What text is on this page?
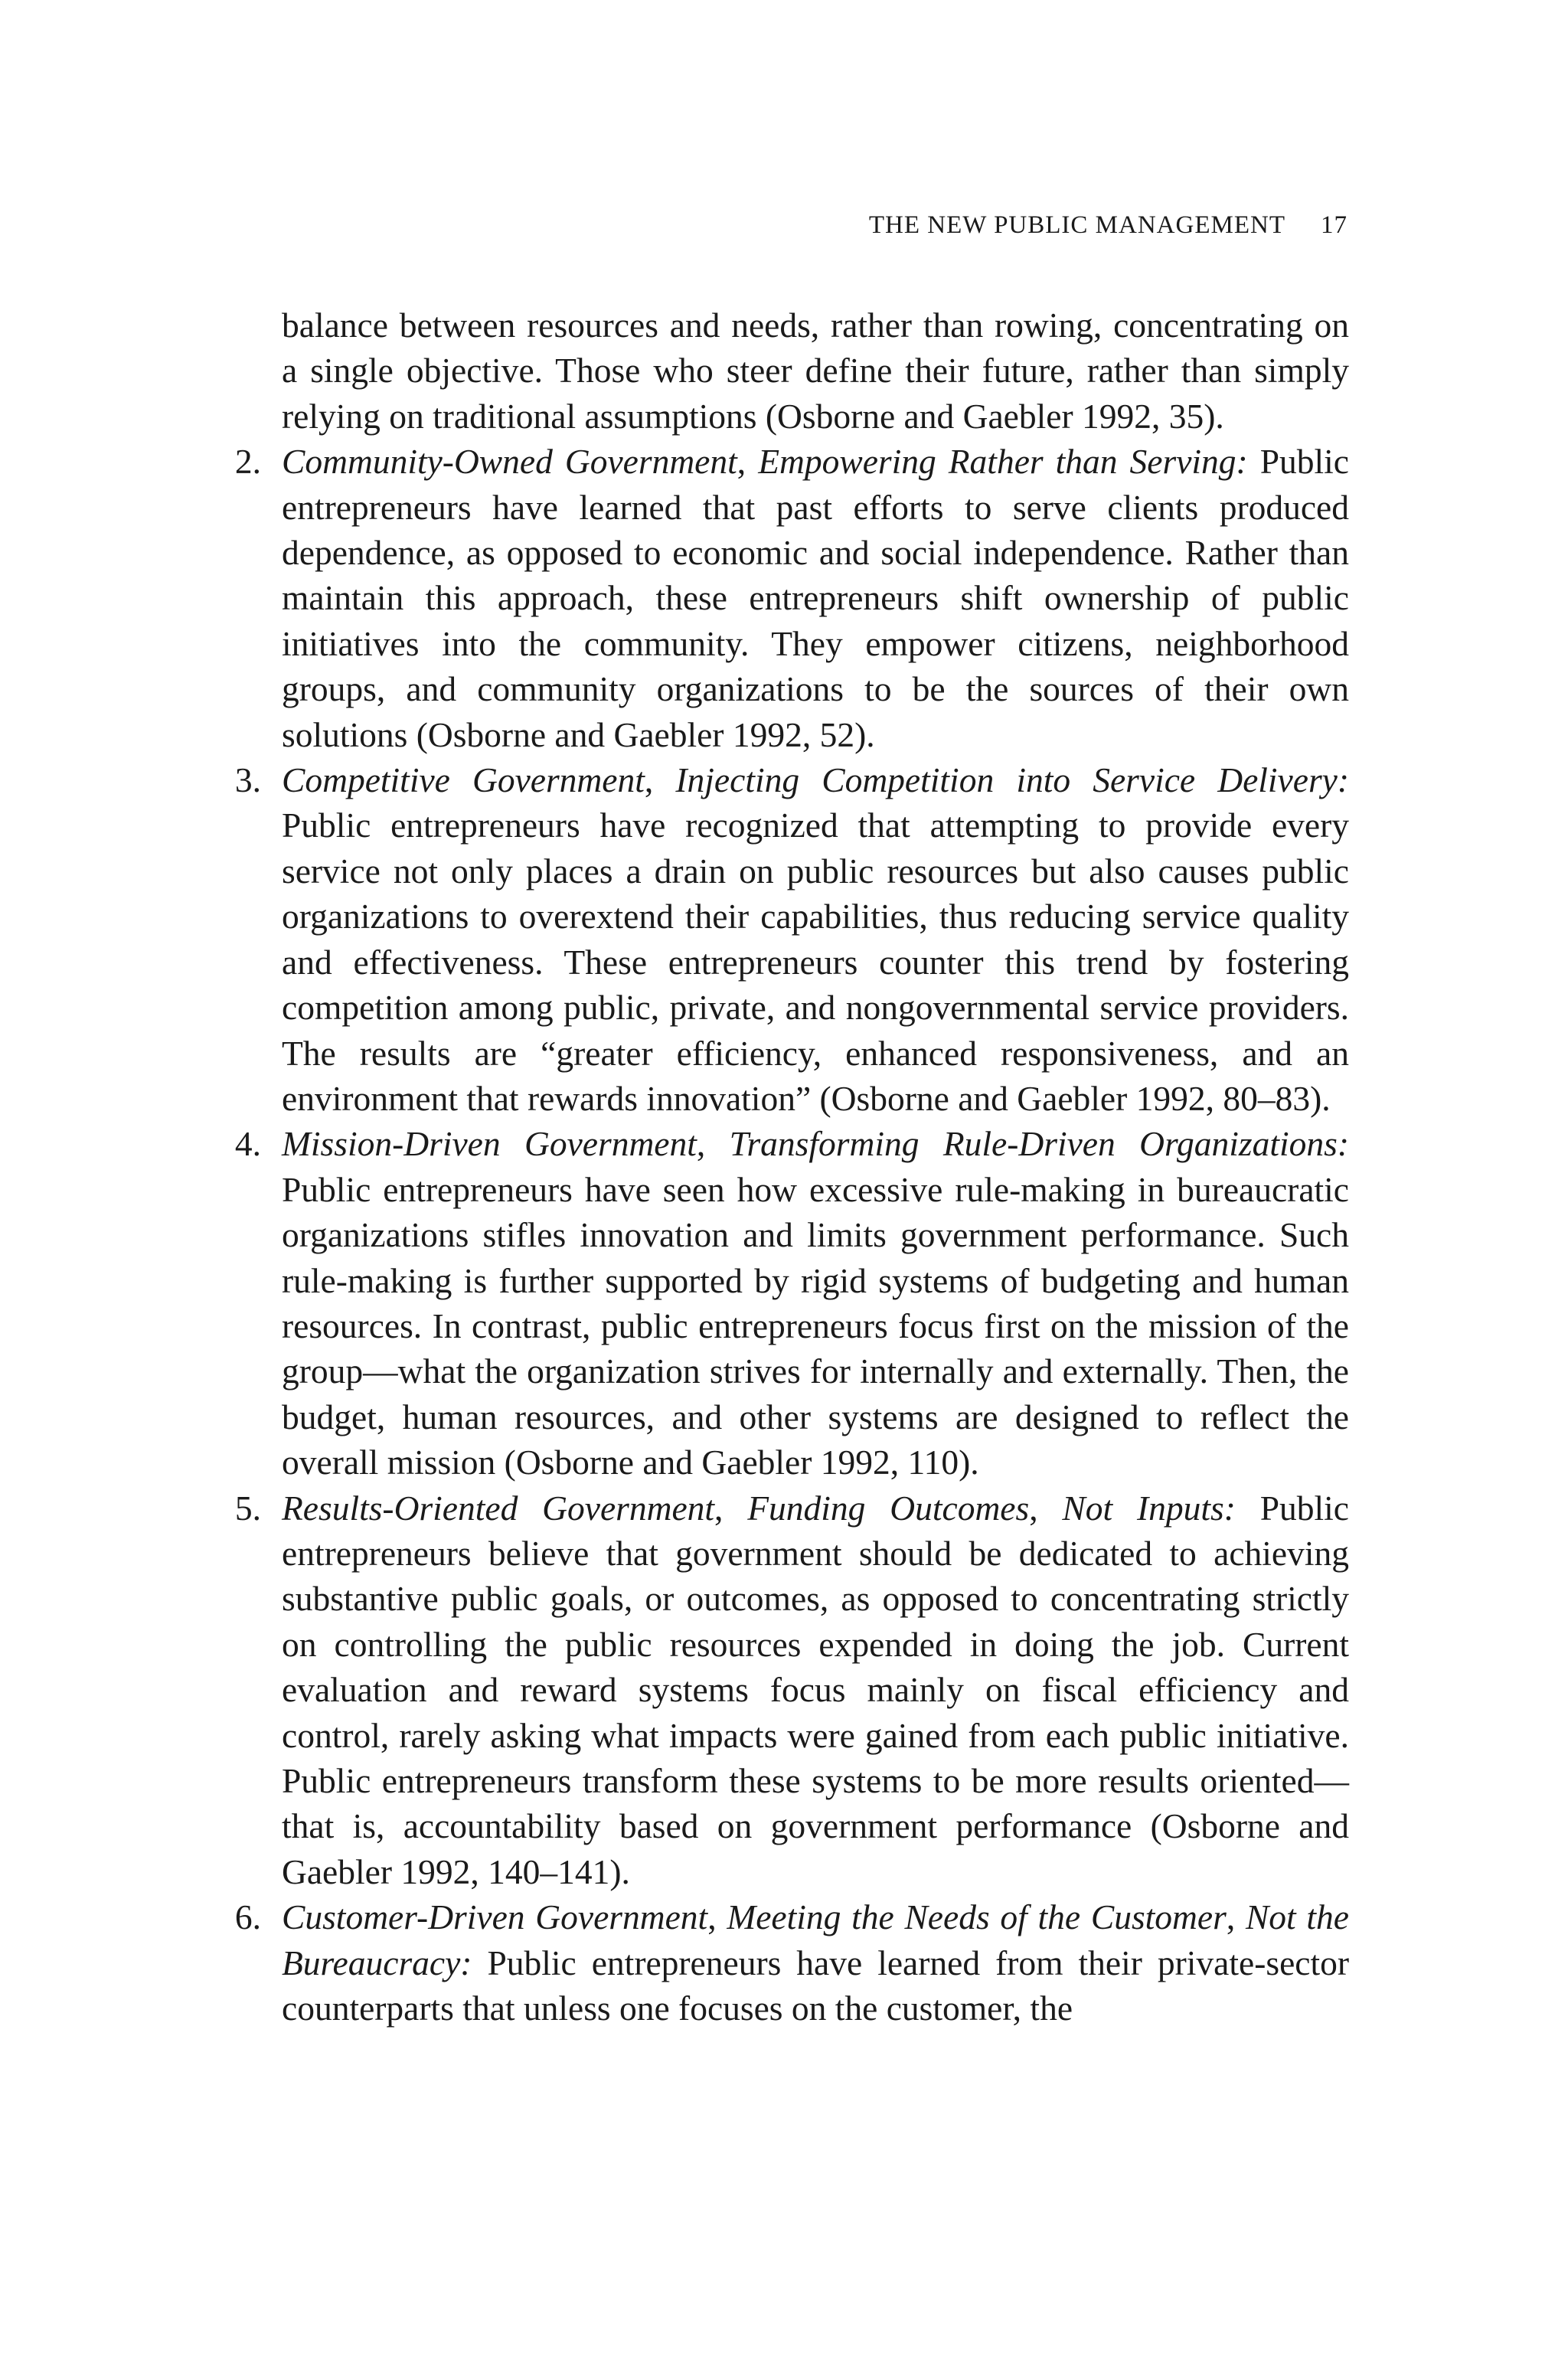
THE NEW PUBLIC MANAGEMENT 17

balance between resources and needs, rather than rowing, concentrating on a single objective. Those who steer define their future, rather than simply relying on traditional assumptions (Osborne and Gaebler 1992, 35).

2. Community-Owned Government, Empowering Rather than Serving: Public entrepreneurs have learned that past efforts to serve clients produced dependence, as opposed to economic and social independence. Rather than maintain this approach, these entrepreneurs shift ownership of public initiatives into the community. They empower citizens, neighborhood groups, and community organizations to be the sources of their own solutions (Osborne and Gaebler 1992, 52).

3. Competitive Government, Injecting Competition into Service Delivery: Public entrepreneurs have recognized that attempting to provide every service not only places a drain on public resources but also causes public organizations to overextend their capabilities, thus reducing service quality and effectiveness. These entrepreneurs counter this trend by fostering competition among public, private, and nongovernmental service providers. The results are “greater efficiency, enhanced responsiveness, and an environment that rewards innovation” (Osborne and Gaebler 1992, 80–83).

4. Mission-Driven Government, Transforming Rule-Driven Organizations: Public entrepreneurs have seen how excessive rule-making in bureaucratic organizations stifles innovation and limits government performance. Such rule-making is further supported by rigid systems of budgeting and human resources. In contrast, public entrepreneurs focus first on the mission of the group—what the organization strives for internally and externally. Then, the budget, human resources, and other systems are designed to reflect the overall mission (Osborne and Gaebler 1992, 110).

5. Results-Oriented Government, Funding Outcomes, Not Inputs: Public entrepreneurs believe that government should be dedicated to achieving substantive public goals, or outcomes, as opposed to concentrating strictly on controlling the public resources expended in doing the job. Current evaluation and reward systems focus mainly on fiscal efficiency and control, rarely asking what impacts were gained from each public initiative. Public entrepreneurs transform these systems to be more results oriented—that is, accountability based on government performance (Osborne and Gaebler 1992, 140–141).

6. Customer-Driven Government, Meeting the Needs of the Customer, Not the Bureaucracy: Public entrepreneurs have learned from their private-sector counterparts that unless one focuses on the customer, the
